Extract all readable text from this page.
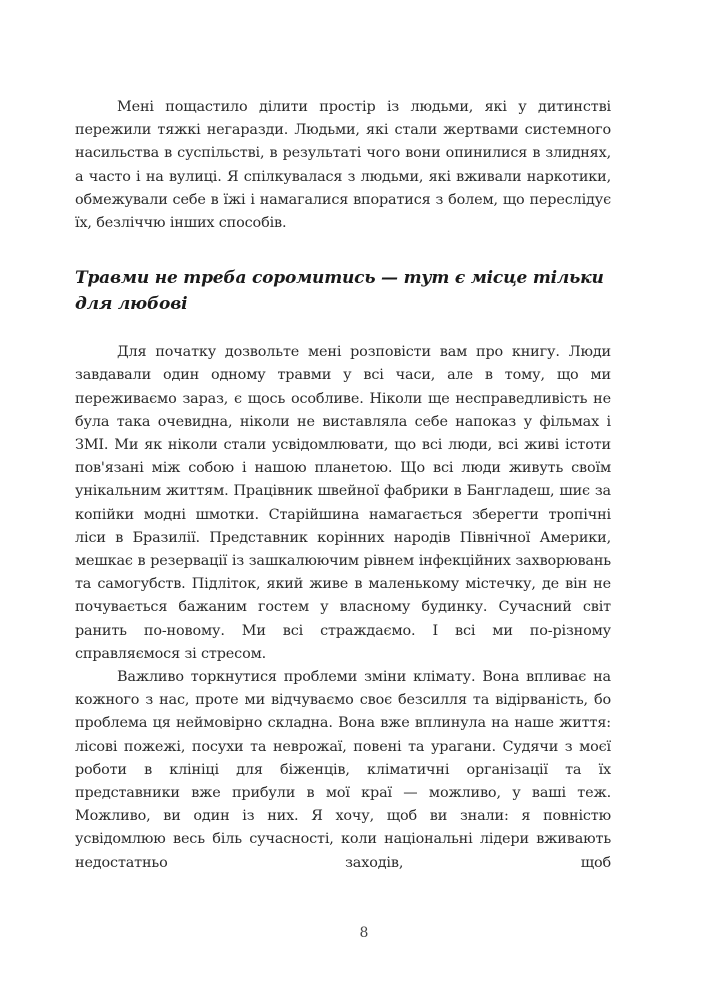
Мені пощастило ділити простір із людьми, які у дитинстві пережили тяжкі негаразди. Людьми, які стали жертвами системного насильства в суспільстві, в результаті чого вони опинилися в злиднях, а часто і на вулиці. Я спілкувалася з людьми, які вживали наркотики, обмежували себе в їжі і намагалися впоратися з болем, що переслідує їх, безліччю інших способів.

Травми не треба соромитись — тут є місце тільки для любові

Для початку дозвольте мені розповісти вам про книгу. Люди завдавали один одному травми у всі часи, але в тому, що ми переживаємо зараз, є щось особливе. Ніколи ще несправедливість не була така очевидна, ніколи не виставляла себе напоказ у фільмах і ЗМІ. Ми як ніколи стали усвідомлювати, що всі люди, всі живі істоти пов'язані між собою і нашою планетою. Що всі люди живуть своїм унікальним життям. Працівник швейної фабрики в Бангладеш, шиє за копійки модні шмотки. Старійшина намагається зберегти тропічні ліси в Бразилії. Представник корінних народів Північної Америки, мешкає в резервації із зашкалюючим рівнем інфекційних захворювань та самогубств. Підліток, який живе в маленькому містечку, де він не почувається бажаним гостем у власному будинку. Сучасний світ ранить по-новому. Ми всі страждаємо. І всі ми по-різному справляємося зі стресом.

Важливо торкнутися проблеми зміни клімату. Вона впливає на кожного з нас, проте ми відчуваємо своє безсилля та відірваність, бо проблема ця неймовірно складна. Вона вже вплинула на наше життя: лісові пожежі, посухи та неврожаї, повені та урагани. Судячи з моєї роботи в клініці для біженців, кліматичні організації та їх представники вже прибули в мої краї — можливо, у ваші теж. Можливо, ви один із них. Я хочу, щоб ви знали: я повністю усвідомлюю весь біль сучасності, коли національні лідери вживають недостатньо заходів, щоб

8
